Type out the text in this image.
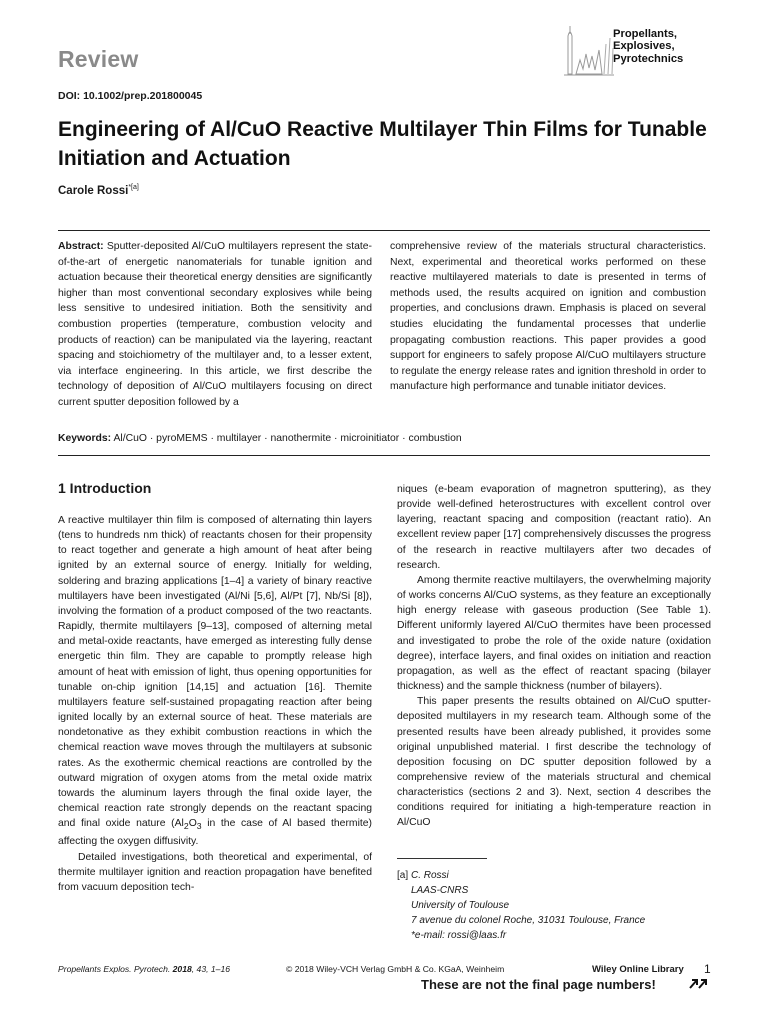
Review
Propellants,
Explosives,
Pyrotechnics
DOI: 10.1002/prep.201800045
Engineering of Al/CuO Reactive Multilayer Thin Films for Tunable Initiation and Actuation
Carole Rossi$^{*[a]}$
Abstract: Sputter-deposited Al/CuO multilayers represent the state-of-the-art of energetic nanomaterials for tunable ignition and actuation because their theoretical energy densities are significantly higher than most conventional secondary explosives while being less sensitive to undesired initiation. Both the sensitivity and combustion properties (temperature, combustion velocity and products of reaction) can be manipulated via the layering, reactant spacing and stoichiometry of the multilayer and, to a lesser extent, via interface engineering. In this article, we first describe the technology of deposition of Al/CuO multilayers focusing on direct current sputter deposition followed by a
comprehensive review of the materials structural characteristics. Next, experimental and theoretical works performed on these reactive multilayered materials to date is presented in terms of methods used, the results acquired on ignition and combustion properties, and conclusions drawn. Emphasis is placed on several studies elucidating the fundamental processes that underlie propagating combustion reactions. This paper provides a good support for engineers to safely propose Al/CuO multilayers structure to regulate the energy release rates and ignition threshold in order to manufacture high performance and tunable initiator devices.
Keywords: Al/CuO · pyroMEMS · multilayer · nanothermite · microinitiator · combustion
1 Introduction

A reactive multilayer thin film is composed of alternating thin layers (tens to hundreds nm thick) of reactants chosen for their propensity to react together and generate a high amount of heat after being ignited by an external source of energy. Initially for welding, soldering and brazing applications [1–4] a variety of binary reactive multilayers have been investigated (Al/Ni [5,6], Al/Pt [7], Nb/Si [8]), involving the formation of a product composed of the two reactants. Rapidly, thermite multilayers [9–13], composed of alterning metal and metal-oxide reactants, have emerged as interesting fully dense energetic thin film. They are capable to promptly release high amount of heat with emission of light, thus opening opportunities for tunable on-chip ignition [14,15] and actuation [16]. Themite multilayers feature self-sustained propagating reaction after being ignited locally by an external source of heat. These materials are nondetonative as they exhibit combustion reactions in which the chemical reaction wave moves through the multilayers at subsonic rates. As the exothermic chemical reactions are controlled by the outward migration of oxygen atoms from the metal oxide matrix towards the aluminum layers through the final oxide layer, the chemical reaction rate strongly depends on the reactant spacing and final oxide nature ($Al_2O_3$ in the case of Al based thermite) affecting the oxygen diffusivity.

Detailed investigations, both theoretical and experimental, of thermite multilayer ignition and reaction propagation have benefited from vacuum deposition tech-

niques (e-beam evaporation of magnetron sputtering), as they provide well-defined heterostructures with excellent control over layering, reactant spacing and composition (reactant ratio). An excellent review paper [17] comprehensively discusses the progress of the research in reactive multilayers after two decades of research.

Among thermite reactive multilayers, the overwhelming majority of works concerns Al/CuO systems, as they feature an exceptionally high energy release with gaseous production (See Table 1). Different uniformly layered Al/CuO thermites have been processed and investigated to probe the role of the oxide nature (oxidation degree), interface layers, and final oxides on initiation and reaction propagation, as well as the effect of reactant spacing (bilayer thickness) and the sample thickness (number of bilayers).

This paper presents the results obtained on Al/CuO sputter-deposited multilayers in my research team. Although some of the presented results have been already published, it provides some original unpublished material. I first describe the technology of deposition focusing on DC sputter deposition followed by a comprehensive review of the materials structural and chemical characteristics (sections 2 and 3). Next, section 4 describes the conditions required for initiating a high-temperature reaction in Al/CuO

[a] C. Rossi
LAAS-CNRS
University of Toulouse
7 avenue du colonel Roche, 31031 Toulouse, France
*e-mail: rossi@laas.fr
Propellants Explos. Pyrotech. 2018, 43, 1–16	© 2018 Wiley-VCH Verlag GmbH & Co. KGaA, Weinheim	Wiley Online Library 1
These are not the final page numbers!
